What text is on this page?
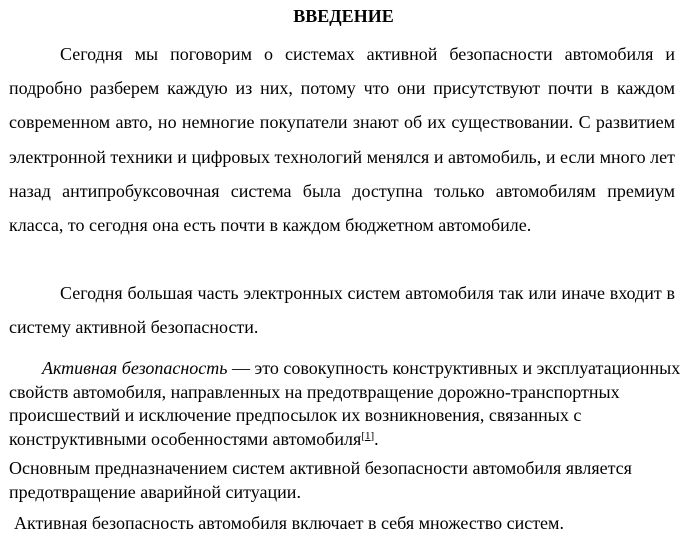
ВВЕДЕНИЕ

Сегодня мы поговорим о системах активной безопасности автомобиля и подробно разберем каждую из них, потому что они присутствуют почти в каждом современном авто, но немногие покупатели знают об их существовании. С развитием электронной техники и цифровых технологий менялся и автомобиль, и если много лет назад антипробуксовочная система была доступна только автомобилям премиум класса, то сегодня она есть почти в каждом бюджетном автомобиле.

Сегодня большая часть электронных систем автомобиля так или иначе входит в систему активной безопасности.

Активная безопасность — это совокупность конструктивных и эксплуатационных свойств автомобиля, направленных на предотвращение дорожно-транспортных происшествий и исключение предпосылок их возникновения, связанных с конструктивными особенностями автомобиля[1].

Основным предназначением систем активной безопасности автомобиля является предотвращение аварийной ситуации.

Активная безопасность автомобиля включает в себя множество систем.
